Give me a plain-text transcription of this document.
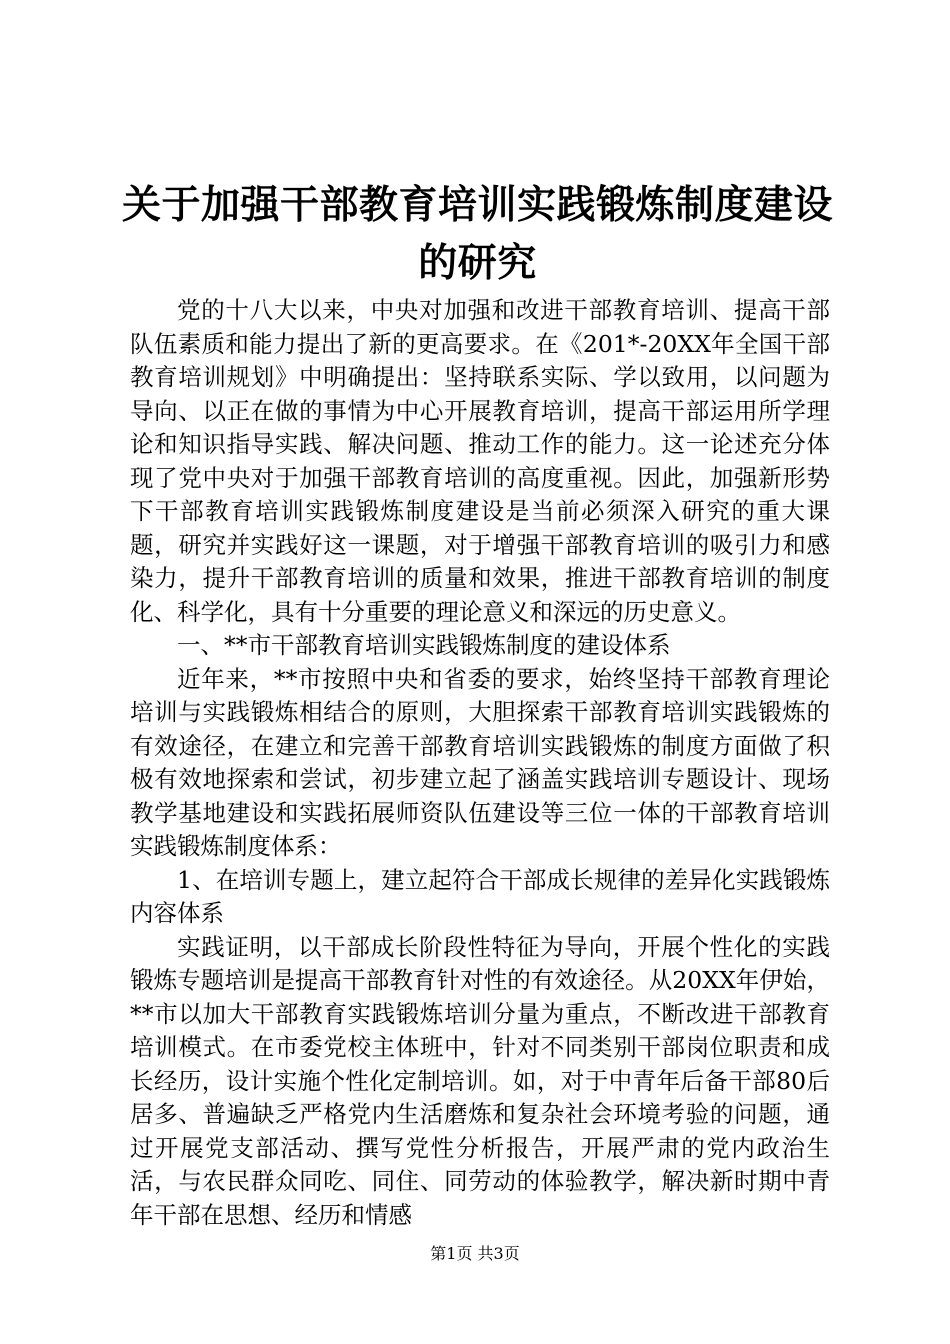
关于加强干部教育培训实践锻炼制度建设的研究

党的十八大以来，中央对加强和改进干部教育培训、提高干部队伍素质和能力提出了新的更高要求。在《201*-20XX年全国干部教育培训规划》中明确提出：坚持联系实际、学以致用，以问题为导向、以正在做的事情为中心开展教育培训，提高干部运用所学理论和知识指导实践、解决问题、推动工作的能力。这一论述充分体现了党中央对于加强干部教育培训的高度重视。因此，加强新形势下干部教育培训实践锻炼制度建设是当前必须深入研究的重大课题，研究并实践好这一课题，对于增强干部教育培训的吸引力和感染力，提升干部教育培训的质量和效果，推进干部教育培训的制度化、科学化，具有十分重要的理论意义和深远的历史意义。

一、**市干部教育培训实践锻炼制度的建设体系

近年来，**市按照中央和省委的要求，始终坚持干部教育理论培训与实践锻炼相结合的原则，大胆探索干部教育培训实践锻炼的有效途径，在建立和完善干部教育培训实践锻炼的制度方面做了积极有效地探索和尝试，初步建立起了涵盖实践培训专题设计、现场教学基地建设和实践拓展师资队伍建设等三位一体的干部教育培训实践锻炼制度体系：

1、在培训专题上，建立起符合干部成长规律的差异化实践锻炼内容体系

实践证明，以干部成长阶段性特征为导向，开展个性化的实践锻炼专题培训是提高干部教育针对性的有效途径。从20XX年伊始，**市以加大干部教育实践锻炼培训分量为重点，不断改进干部教育培训模式。在市委党校主体班中，针对不同类别干部岗位职责和成长经历，设计实施个性化定制培训。如，对于中青年后备干部80后居多、普遍缺乏严格党内生活磨炼和复杂社会环境考验的问题，通过开展党支部活动、撰写党性分析报告，开展严肃的党内政治生活，与农民群众同吃、同住、同劳动的体验教学，解决新时期中青年干部在思想、经历和情感

第1页 共3页
